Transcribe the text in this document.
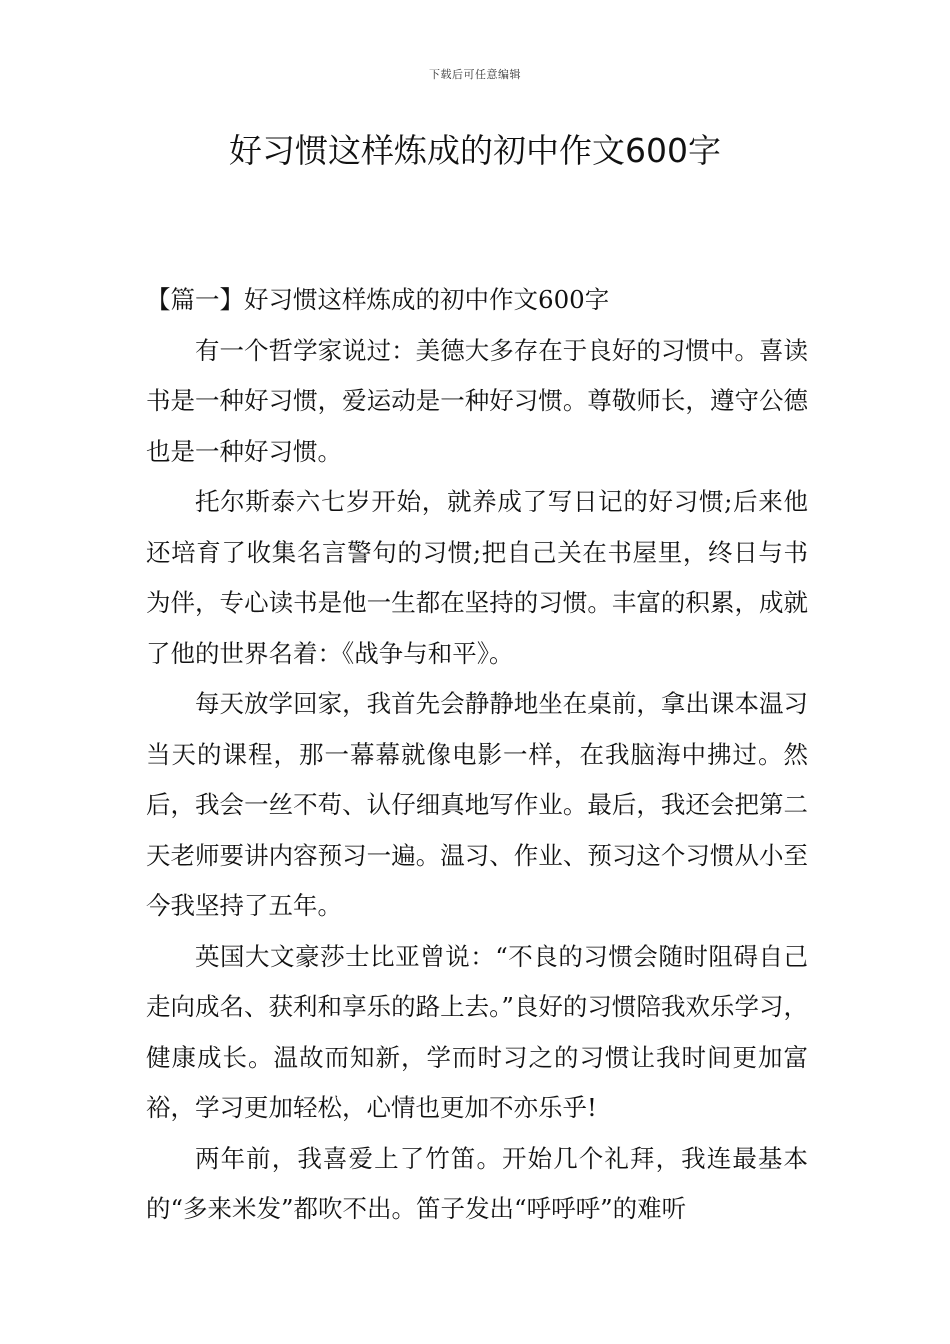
下载后可任意编辑
好习惯这样炼成的初中作文600字
【篇一】好习惯这样炼成的初中作文600字

有一个哲学家说过：美德大多存在于良好的习惯中。喜读书是一种好习惯，爱运动是一种好习惯。尊敬师长，遵守公德也是一种好习惯。

托尔斯泰六七岁开始，就养成了写日记的好习惯;后来他还培育了收集名言警句的习惯;把自己关在书屋里，终日与书为伴，专心读书是他一生都在坚持的习惯。丰富的积累，成就了他的世界名着：《战争与和平》。

每天放学回家，我首先会静静地坐在桌前，拿出课本温习当天的课程，那一幕幕就像电影一样，在我脑海中拂过。然后，我会一丝不苟、认仔细真地写作业。最后，我还会把第二天老师要讲内容预习一遍。温习、作业、预习这个习惯从小至今我坚持了五年。

英国大文豪莎士比亚曾说：“不良的习惯会随时阻碍自己走向成名、获利和享乐的路上去。”良好的习惯陪我欢乐学习，健康成长。温故而知新，学而时习之的习惯让我时间更加富裕，学习更加轻松，心情也更加不亦乐乎!

两年前，我喜爱上了竹笛。开始几个礼拜，我连最基本的“多来米发”都吹不出。笛子发出“呼呼呼”的难听
